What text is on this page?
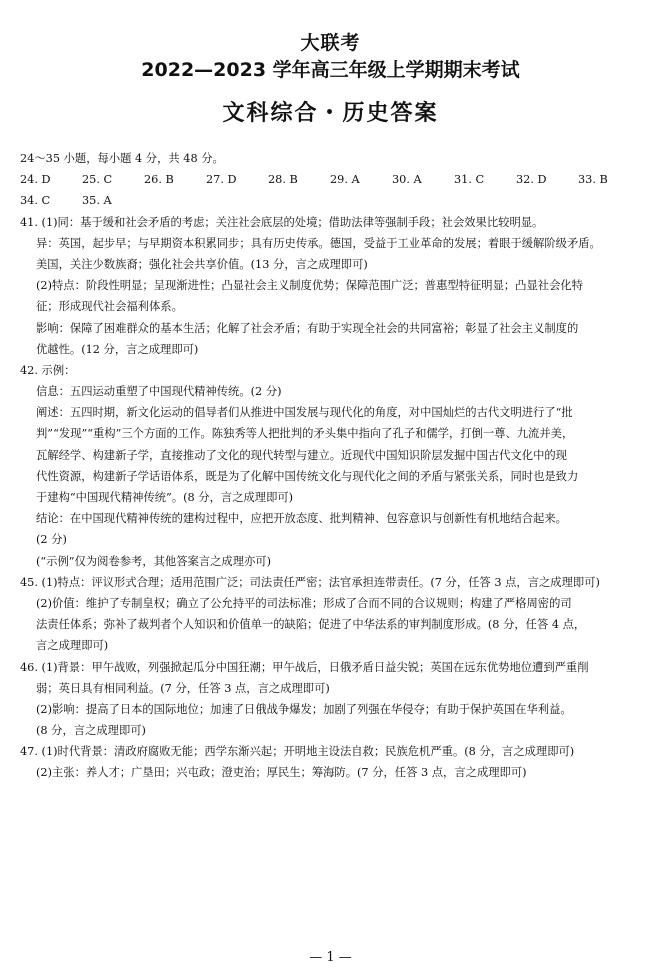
大联考
2022—2023 学年高三年级上学期期末考试
文科综合・历史答案
24～35 小题，每小题 4 分，共 48 分。
24. D	25. C	26. B	27. D	28. B	29. A	30. A	31. C	32. D	33. B
34. C	35. A
41. (1)同：基于缓和社会矛盾的考虑；关注社会底层的处境；借助法律等强制手段；社会效果比较明显。
异：英国，起步早；与早期资本积累同步；具有历史传承。德国，受益于工业革命的发展；着眼于缓解阶级矛盾。
美国，关注少数族裔；强化社会共享价值。(13 分，言之成理即可)
(2)特点：阶段性明显；呈现渐进性；凸显社会主义制度优势；保障范围广泛；普惠型特征明显；凸显社会化特
征；形成现代社会福利体系。
影响：保障了困难群众的基本生活；化解了社会矛盾；有助于实现全社会的共同富裕；彰显了社会主义制度的
优越性。(12 分，言之成理即可)
42. 示例：
信息：五四运动重塑了中国现代精神传统。(2 分)
阐述：五四时期，新文化运动的倡导者们从推进中国发展与现代化的角度，对中国灿烂的古代文明进行了“批
判”“发现”“重构”三个方面的工作。陈独秀等人把批判的矛头集中指向了孔子和儒学，打倒一尊、九流并美，
瓦解经学、构建新子学，直接推动了文化的现代转型与建立。近现代中国知识阶层发掘中国古代文化中的现
代性资源，构建新子学话语体系，既是为了化解中国传统文化与现代化之间的矛盾与紧张关系，同时也是致力
于建构“中国现代精神传统”。(8 分，言之成理即可)
结论：在中国现代精神传统的建构过程中，应把开放态度、批判精神、包容意识与创新性有机地结合起来。
(2 分)
(“示例”仅为阅卷参考，其他答案言之成理亦可)
45. (1)特点：评议形式合理；适用范围广泛；司法责任严密；法官承担连带责任。(7 分，任答 3 点，言之成理即可)
(2)价值：维护了专制皇权；确立了公允持平的司法标准；形成了合而不同的合议规则；构建了严格周密的司
法责任体系；弥补了裁判者个人知识和价值单一的缺陷；促进了中华法系的审判制度形成。(8 分，任答 4 点，
言之成理即可)
46. (1)背景：甲午战败，列强掀起瓜分中国狂潮；甲午战后，日俄矛盾日益尖锐；英国在远东优势地位遭到严重削
弱；英日具有相同利益。(7 分，任答 3 点，言之成理即可)
(2)影响：提高了日本的国际地位；加速了日俄战争爆发；加剧了列强在华侵夺；有助于保护英国在华利益。
(8 分，言之成理即可)
47. (1)时代背景：清政府腐败无能；西学东渐兴起；开明地主设法自救；民族危机严重。(8 分，言之成理即可)
(2)主张：养人才；广垦田；兴屯政；澄吏治；厚民生；筹海防。(7 分，任答 3 点，言之成理即可)
— 1 —
